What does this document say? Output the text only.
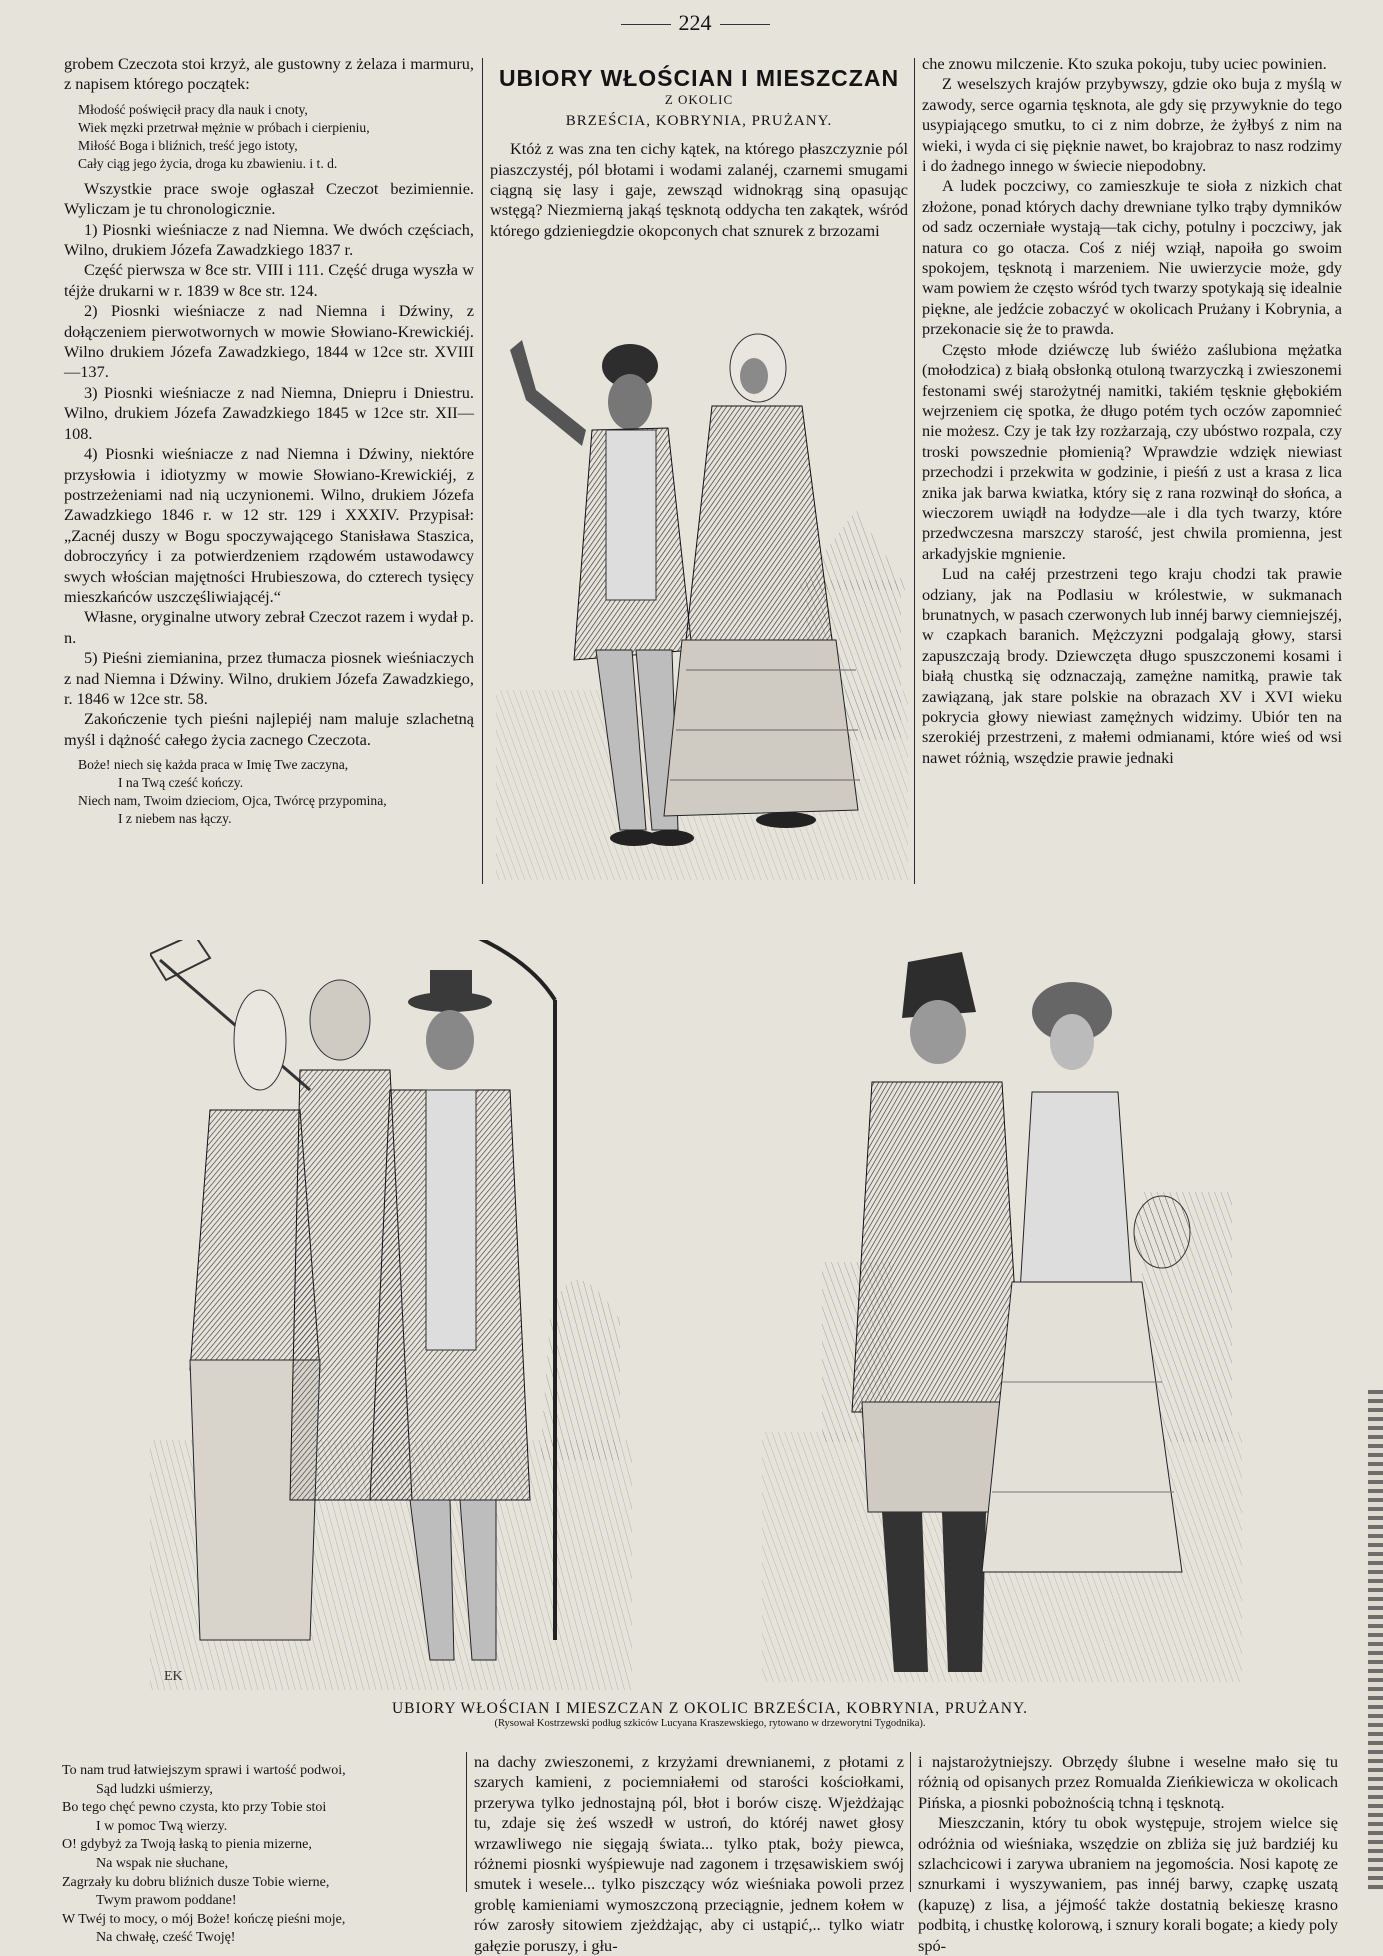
224

grobem Czeczota stoi krzyż, ale gustowny z żelaza i marmuru, z napisem którego początek:

Młodość poświęcił pracy dla nauk i cnoty,
Wiek męzki przetrwał mężnie w próbach i cierpieniu,
Miłość Boga i bliźnich, treść jego istoty,
Cały ciąg jego życia, droga ku zbawieniu. i t. d.

Wszystkie prace swoje ogłaszał Czeczot bezimiennie. Wyliczam je tu chronologicznie.

1) Piosnki wieśniacze z nad Niemna. We dwóch częściach, Wilno, drukiem Józefa Zawadzkiego 1837 r.

Część pierwsza w 8ce str. VIII i 111. Część druga wyszła w téjże drukarni w r. 1839 w 8ce str. 124.

2) Piosnki wieśniacze z nad Niemna i Dźwiny, z dołączeniem pierwotwornych w mowie Słowiano-Krewickiéj. Wilno drukiem Józefa Zawadzkiego, 1844 w 12ce str. XVIII—137.

3) Piosnki wieśniacze z nad Niemna, Dniepru i Dniestru. Wilno, drukiem Józefa Zawadzkiego 1845 w 12ce str. XII—108.

4) Piosnki wieśniacze z nad Niemna i Dźwiny, niektóre przysłowia i idiotyzmy w mowie Słowiano-Krewickiéj, z postrzeżeniami nad nią uczynionemi. Wilno, drukiem Józefa Zawadzkiego 1846 r. w 12 str. 129 i XXXIV. Przypisał: „Zacnéj duszy w Bogu spoczywającego Stanisława Staszica, dobroczyńcy i za potwierdzeniem rządowém ustawodawcy swych włościan majętności Hrubieszowa, do czterech tysięcy mieszkańców uszczęśliwiającéj.“

Własne, oryginalne utwory zebrał Czeczot razem i wydał p. n.

5) Pieśni ziemianina, przez tłumacza piosnek wieśniaczych z nad Niemna i Dźwiny. Wilno, drukiem Józefa Zawadzkiego, r. 1846 w 12ce str. 58.

Zakończenie tych pieśni najlepiéj nam maluje szlachetną myśl i dążność całego życia zacnego Czeczota.

Boże! niech się każda praca w Imię Twe zaczyna,
I na Twą cześć kończy.
Niech nam, Twoim dzieciom, Ojca, Twórcę przypomina,
I z niebem nas łączy.
UBIORY WŁOŚCIAN I MIESZCZAN
Z OKOLIC
BRZEŚCIA, KOBRYNIA, PRUŻANY.

Któż z was zna ten cichy kątek, na którego płaszczyznie pól piaszczystéj, pól błotami i wodami zalanéj, czarnemi smugami ciągną się lasy i gaje, zewsząd widnokrąg siną opasując wstęgą? Niezmierną jakąś tęsknotą oddycha ten zakątek, wśród którego gdzieniegdzie okopconych chat sznurek z brzozami

che znowu milczenie. Kto szuka pokoju, tuby uciec powinien.

Z weselszych krajów przybywszy, gdzie oko buja z myślą w zawody, serce ogarnia tęsknota, ale gdy się przywyknie do tego usypiającego smutku, to ci z nim dobrze, że żyłbyś z nim na wieki, i wyda ci się pięknie nawet, bo krajobraz to nasz rodzimy i do żadnego innego w świecie niepodobny.

A ludek poczciwy, co zamieszkuje te sioła z nizkich chat złożone, ponad których dachy drewniane tylko trąby dymników od sadz oczerniałe wystają—tak cichy, potulny i poczciwy, jak natura co go otacza. Coś z niéj wziął, napoiła go swoim spokojem, tęsknotą i marzeniem. Nie uwierzycie może, gdy wam powiem że często wśród tych twarzy spotykają się idealnie piękne, ale jedźcie zobaczyć w okolicach Prużany i Kobrynia, a przekonacie się że to prawda.

Często młode dziéwczę lub świéżo zaślubiona mężatka (mołodzica) z białą obsłonką otuloną twarzyczką i zwieszonemi festonami swéj starożytnéj namitki, takiém tęsknie głębokiém wejrzeniem cię spotka, że długo potém tych oczów zapomnieć nie możesz. Czy je tak łzy rozżarzają, czy ubóstwo rozpala, czy troski powszednie płomienią? Wprawdzie wdzięk niewiast przechodzi i przekwita w godzinie, i pieśń z ust a krasa z lica znika jak barwa kwiatka, który się z rana rozwinął do słońca, a wieczorem uwiądł na łodydze—ale i dla tych twarzy, które przedwczesna marszczy starość, jest chwila promienna, jest arkadyjskie mgnienie.

Lud na całéj przestrzeni tego kraju chodzi tak prawie odziany, jak na Podlasiu w królestwie, w sukmanach brunatnych, w pasach czerwonych lub innéj barwy ciemniejszéj, w czapkach baranich. Mężczyzni podgalają głowy, starsi zapuszczają brody. Dziewczęta długo spuszczonemi kosami i białą chustką się odznaczają, zamężne namitką, prawie tak zawiązaną, jak stare polskie na obrazach XV i XVI wieku pokrycia głowy niewiast zamężnych widzimy. Ubiór ten na szerokiéj przestrzeni, z małemi odmianami, które wieś od wsi nawet różnią, wszędzie prawie jednaki

EK
UBIORY WŁOŚCIAN I MIESZCZAN Z OKOLIC BRZEŚCIA, KOBRYNIA, PRUŻANY.
(Rysował Kostrzewski podług szkiców Lucyana Kraszewskiego, rytowano w drzeworytni Tygodnika).
To nam trud łatwiejszym sprawi i wartość podwoi,
Sąd ludzki uśmierzy,
Bo tego chęć pewno czysta, kto przy Tobie stoi
I w pomoc Twą wierzy.
O! gdybyż za Twoją łaską to pienia mizerne,
Na wspak nie słuchane,
Zagrzały ku dobru bliźnich dusze Tobie wierne,
Twym prawom poddane!
W Twéj to mocy, o mój Boże! kończę pieśni moje,
Na chwałę, cześć Twoję!

na dachy zwieszonemi, z krzyżami drewnianemi, z płotami z szarych kamieni, z pociemniałemi od starości kościołkami, przerywa tylko jednostajną pól, błot i borów ciszę. Wjeżdżając tu, zdaje się żeś wszedł w ustroń, do któréj nawet głosy wrzawliwego nie sięgają świata... tylko ptak, boży piewca, różnemi piosnki wyśpiewuje nad zagonem i trzęsawiskiem swój smutek i wesele... tylko piszczący wóz wieśniaka powoli przez groblę kamieniami wymoszczoną przeciągnie, jednem kołem w rów zarosły sitowiem zjeżdżając, aby ci ustąpić,.. tylko wiatr gałęzie poruszy, i głu-

i najstarożytniejszy. Obrzędy ślubne i weselne mało się tu różnią od opisanych przez Romualda Zieńkiewicza w okolicach Pińska, a piosnki pobożnością tchną i tęsknotą.

Mieszczanin, który tu obok występuje, strojem wielce się odróżnia od wieśniaka, wszędzie on zbliża się już bardziéj ku szlachcicowi i zarywa ubraniem na jegomościa. Nosi kapotę ze sznurkami i wyszywaniem, pas innéj barwy, czapkę uszatą (kapuzę) z lisa, a jéjmość także dostatnią bekieszę krasno podbitą, i chustkę kolorową, i sznury korali bogate; a kiedy poly spó-
